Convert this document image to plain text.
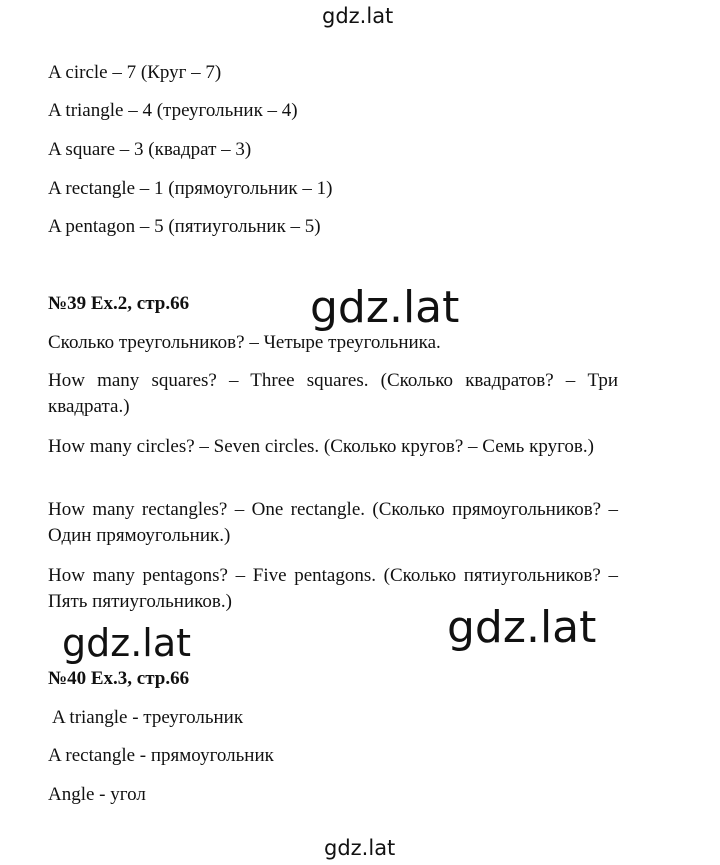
gdz.lat
gdz.lat
gdz.lat	gdz.lat
gdz.lat
A circle – 7 (Круг – 7)
A triangle – 4 (треугольник – 4)
A square – 3 (квадрат – 3)
A rectangle – 1 (прямоугольник – 1)
A pentagon – 5 (пятиугольник – 5)
№39 Ex.2, стр.66
Сколько треугольников? – Четыре треугольника.
How many squares? – Three squares. (Сколько квадратов? – Три квадрата.)
How many circles? – Seven circles. (Сколько кругов? – Семь кругов.)
How many rectangles? – One rectangle. (Сколько прямоугольников? – Один прямоугольник.)
How many pentagons? – Five pentagons. (Сколько пятиугольников? – Пять пятиугольников.)
№40 Ex.3, стр.66
A triangle - треугольник
A rectangle - прямоугольник
Angle - угол
